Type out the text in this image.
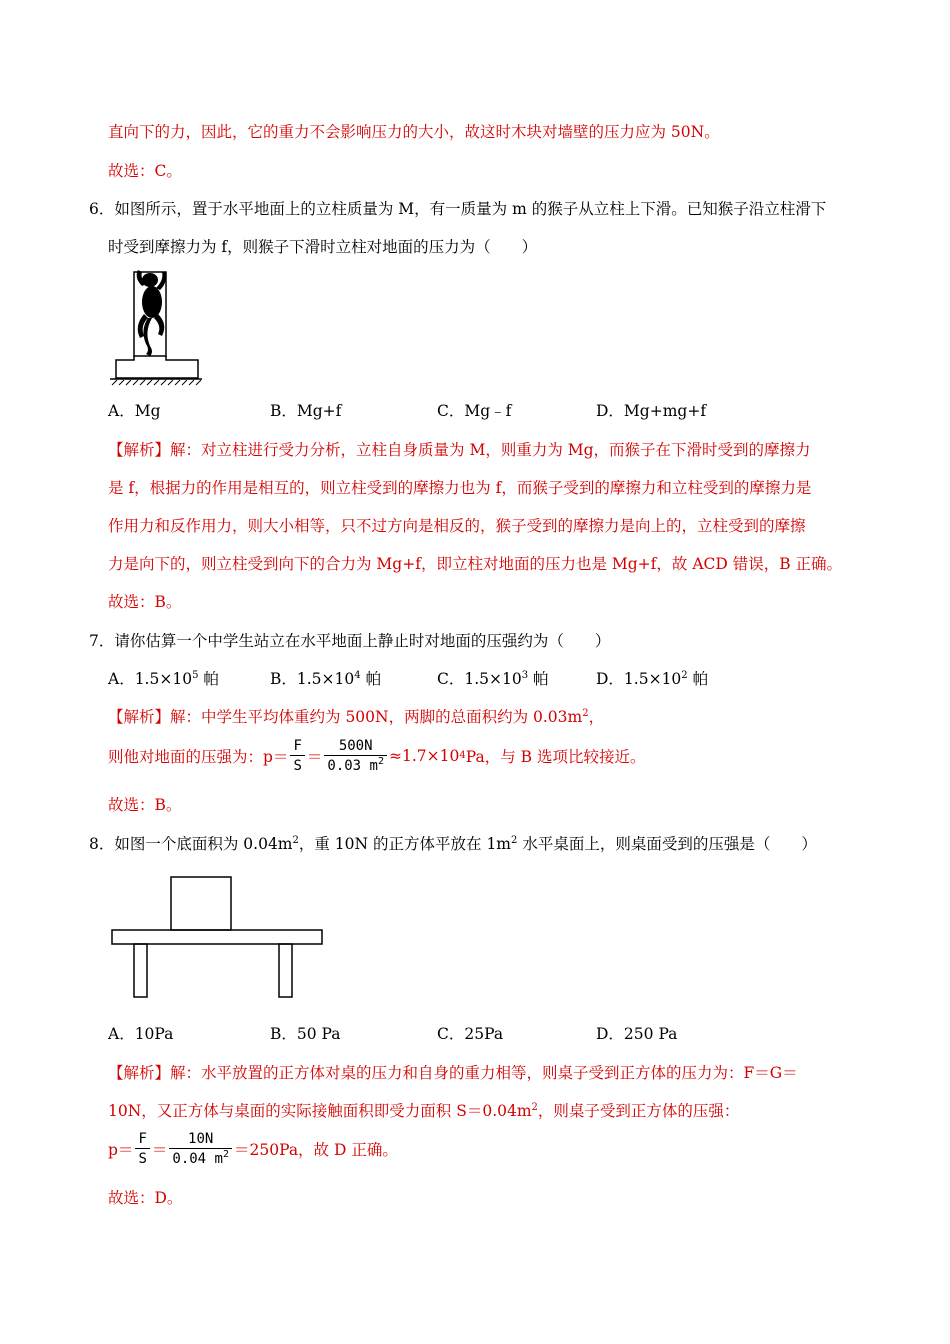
直向下的力，因此，它的重力不会影响压力的大小，故这时木块对墙壁的压力应为 50N。
故选：C。
6．如图所示，置于水平地面上的立柱质量为 M，有一质量为 m 的猴子从立柱上下滑。已知猴子沿立柱滑下
时受到摩擦力为 f，则猴子下滑时立柱对地面的压力为（　　）
A．Mg	B．Mg+f	C．Mg﹣f	D．Mg+mg+f
【解析】解：对立柱进行受力分析，立柱自身质量为 M，则重力为 Mg，而猴子在下滑时受到的摩擦力
是 f，根据力的作用是相互的，则立柱受到的摩擦力也为 f，而猴子受到的摩擦力和立柱受到的摩擦力是
作用力和反作用力，则大小相等，只不过方向是相反的，猴子受到的摩擦力是向上的，立柱受到的摩擦
力是向下的，则立柱受到向下的合力为 Mg+f，即立柱对地面的压力也是 Mg+f，故 ACD 错误，B 正确。
故选：B。
7．请你估算一个中学生站立在水平地面上静止时对地面的压强约为（　　）
A．$1.5\times 10^5$ 帕	B．$1.5\times 10^4$ 帕	C．$1.5\times 10^3$ 帕	D．$1.5\times 10^2$ 帕
【解析】解：中学生平均体重约为 500N，两脚的总面积约为 $0.03m^2$，
则他对地面的压强为：$p= \frac{F}{S} = \frac{500N}{0.03 m^2} \approx 1.7\times 10$ 4 Pa，与 B 选项比较接近。
故选：B。
8．如图一个底面积为 $0.04m^2$，重 10N 的正方体平放在 $1m^2$ 水平桌面上，则桌面受到的压强是（　　）
A．10Pa	B．50 Pa	C．25Pa	D．250 Pa
【解析】解：水平放置的正方体对桌的压力和自身的重力相等，则桌子受到正方体的压力为：F＝G＝
10N，又正方体与桌面的实际接触面积即受力面积 $S=0.04m^2$，则桌子受到正方体的压强：
$p= \frac{F}{S} = \frac{10N}{0.04 m^2} =250Pa$，故 D 正确。
故选：D。
